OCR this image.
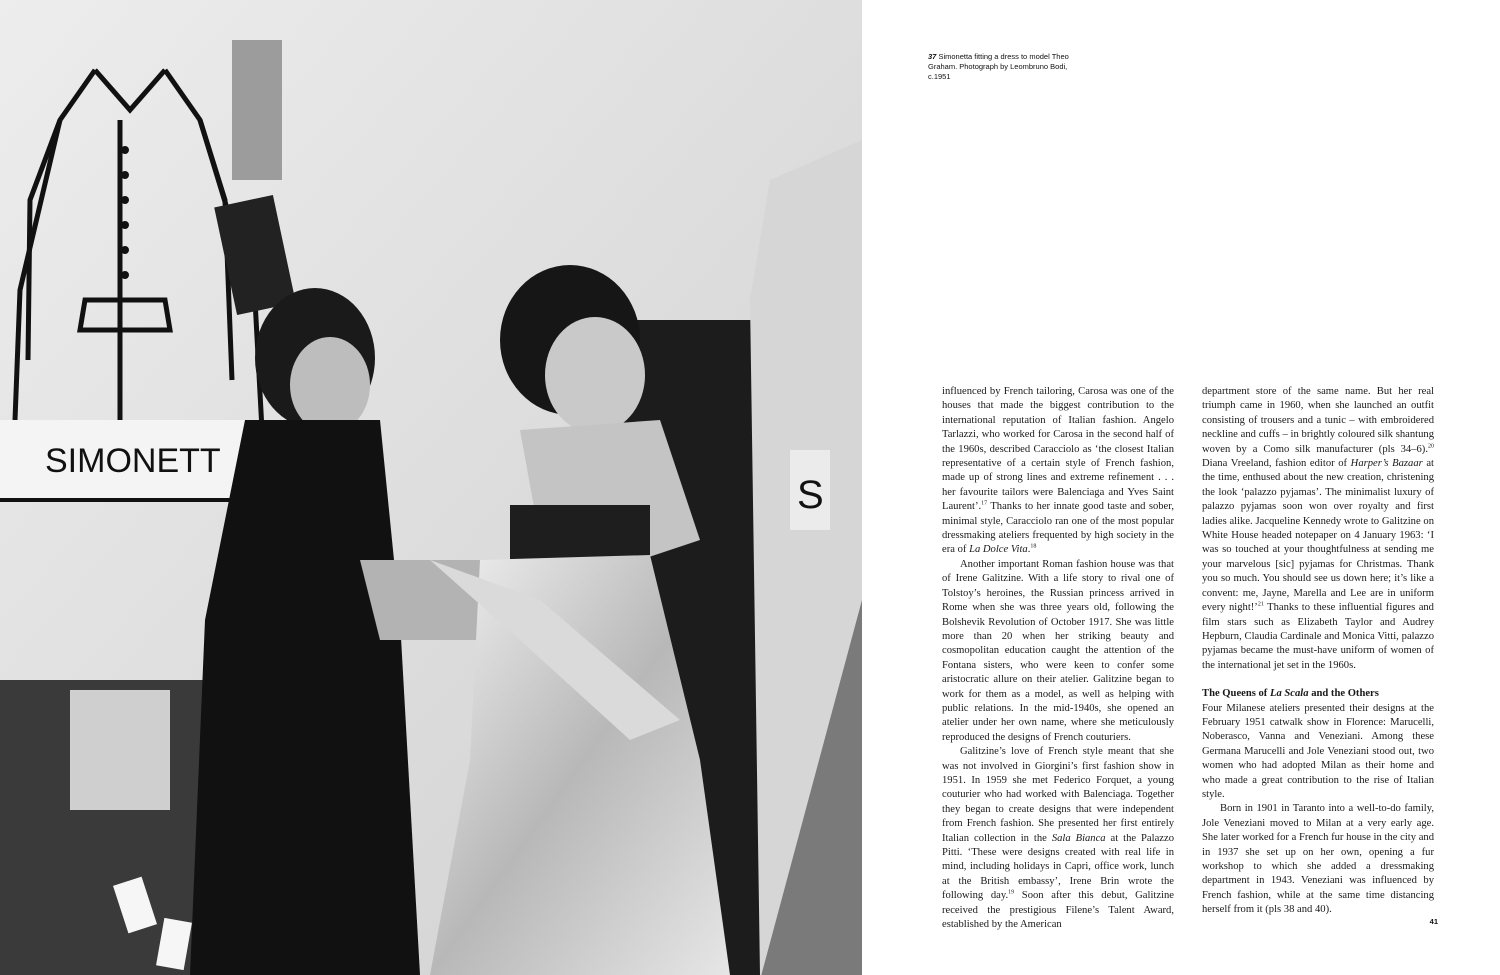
SIMONETT
S
37 Simonetta fitting a dress to model Theo Graham. Photograph by Leombruno Bodi, c.1951

influenced by French tailoring, Carosa was one of the houses that made the biggest contribution to the international reputation of Italian fashion. Angelo Tarlazzi, who worked for Carosa in the second half of the 1960s, described Caracciolo as ‘the closest Italian representative of a certain style of French fashion, made up of strong lines and extreme refinement . . . her favourite tailors were Balenciaga and Yves Saint Laurent’.$^{17}$ Thanks to her innate good taste and sober, minimal style, Caracciolo ran one of the most popular dressmaking ateliers frequented by high society in the era of La Dolce Vita.$^{18}$

Another important Roman fashion house was that of Irene Galitzine. With a life story to rival one of Tolstoy’s heroines, the Russian princess arrived in Rome when she was three years old, following the Bolshevik Revolution of October 1917. She was little more than 20 when her striking beauty and cosmopolitan education caught the attention of the Fontana sisters, who were keen to confer some aristocratic allure on their atelier. Galitzine began to work for them as a model, as well as helping with public relations. In the mid-1940s, she opened an atelier under her own name, where she meticulously reproduced the designs of French couturiers.

Galitzine’s love of French style meant that she was not involved in Giorgini’s first fashion show in 1951. In 1959 she met Federico Forquet, a young couturier who had worked with Balenciaga. Together they began to create designs that were independent from French fashion. She presented her first entirely Italian collection in the Sala Bianca at the Palazzo Pitti. ‘These were designs created with real life in mind, including holidays in Capri, office work, lunch at the British embassy’, Irene Brin wrote the following day.$^{19}$ Soon after this debut, Galitzine received the prestigious Filene’s Talent Award, established by the American

department store of the same name. But her real triumph came in 1960, when she launched an outfit consisting of trousers and a tunic – with embroidered neckline and cuffs – in brightly coloured silk shantung woven by a Como silk manufacturer (pls 34–6).$^{20}$ Diana Vreeland, fashion editor of Harper’s Bazaar at the time, enthused about the new creation, christening the look ‘palazzo pyjamas’. The minimalist luxury of palazzo pyjamas soon won over royalty and first ladies alike. Jacqueline Kennedy wrote to Galitzine on White House headed notepaper on 4 January 1963: ‘I was so touched at your thoughtfulness at sending me your marvelous [sic] pyjamas for Christmas. Thank you so much. You should see us down here; it’s like a convent: me, Jayne, Marella and Lee are in uniform every night!’$^{21}$ Thanks to these influential figures and film stars such as Elizabeth Taylor and Audrey Hepburn, Claudia Cardinale and Monica Vitti, palazzo pyjamas became the must-have uniform of women of the international jet set in the 1960s.

The Queens of La Scala and the Others

Four Milanese ateliers presented their designs at the February 1951 catwalk show in Florence: Marucelli, Noberasco, Vanna and Veneziani. Among these Germana Marucelli and Jole Veneziani stood out, two women who had adopted Milan as their home and who made a great contribution to the rise of Italian style.

Born in 1901 in Taranto into a well-to-do family, Jole Veneziani moved to Milan at a very early age. She later worked for a French fur house in the city and in 1937 she set up on her own, opening a fur workshop to which she added a dressmaking department in 1943. Veneziani was influenced by French fashion, while at the same time distancing herself from it (pls 38 and 40).

41
